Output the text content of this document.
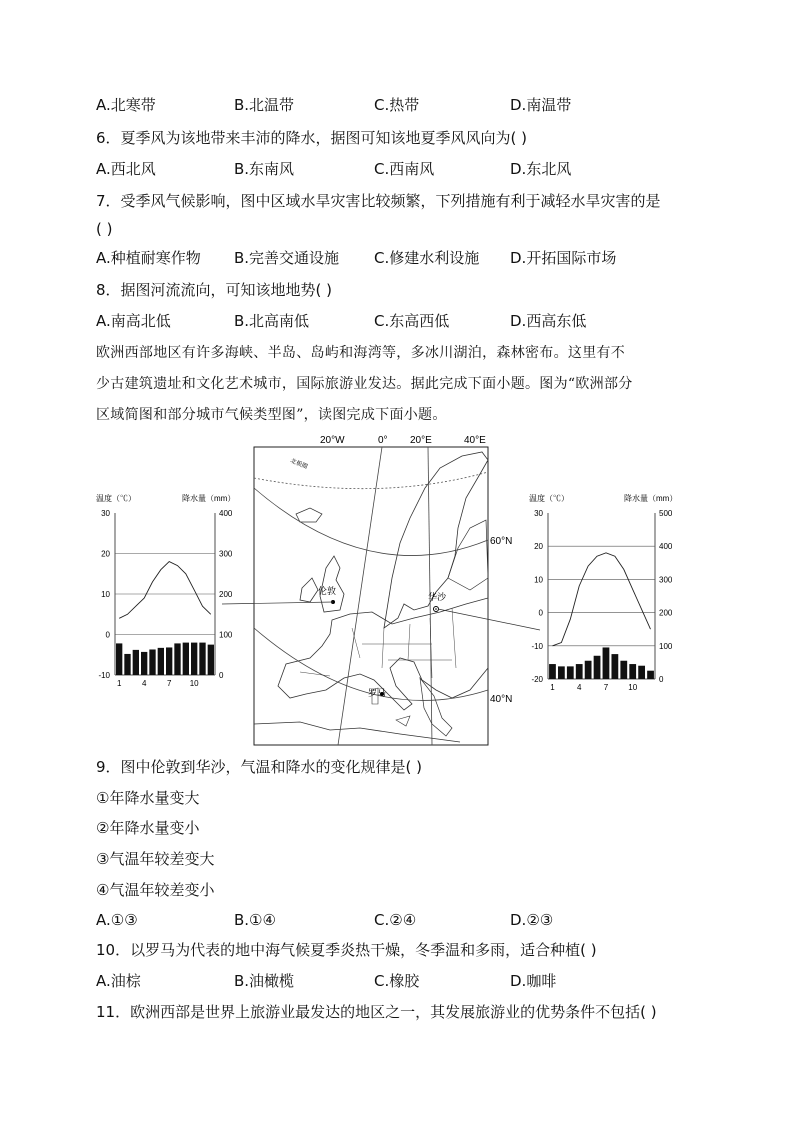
A.北寒带	B.北温带	C.热带	D.南温带
6．夏季风为该地带来丰沛的降水，据图可知该地夏季风风向为( )
A.西北风	B.东南风	C.西南风	D.东北风
7．受季风气候影响，图中区域水旱灾害比较频繁，下列措施有利于减轻水旱灾害的是
( )
A.种植耐寒作物 B.完善交通设施 C.修建水利设施 D.开拓国际市场
8．据图河流流向，可知该地地势( )
A.南高北低	B.北高南低	C.东高西低	D.西高东低
欧洲西部地区有许多海峡、半岛、岛屿和海湾等，多冰川湖泊，森林密布。这里有不
少古建筑遗址和文化艺术城市，国际旅游业发达。据此完成下面小题。图为“欧洲部分
区域简图和部分城市气候类型图”，读图完成下面小题。
20°W	0° 20°E	40°E
60°N
40°N
北极圈
伦敦
华沙
罗马
温度（℃）	降水量（mm）
30	400
20	300
10	200
0	100
-10	0
1	4	7 10
温度（℃）	降水量（mm）
30	500
20	400
10	300
0	200
-10	100
-20	0
1	4	7	10
9．图中伦敦到华沙，气温和降水的变化规律是( )
①年降水量变大
②年降水量变小
③气温年较差变大
④气温年较差变小
A.①③	B.①④	C.②④	D.②③
10．以罗马为代表的地中海气候夏季炎热干燥，冬季温和多雨，适合种植( )
A.油棕	B.油橄榄	C.橡胶	D.咖啡
11．欧洲西部是世界上旅游业最发达的地区之一，其发展旅游业的优势条件不包括( )
